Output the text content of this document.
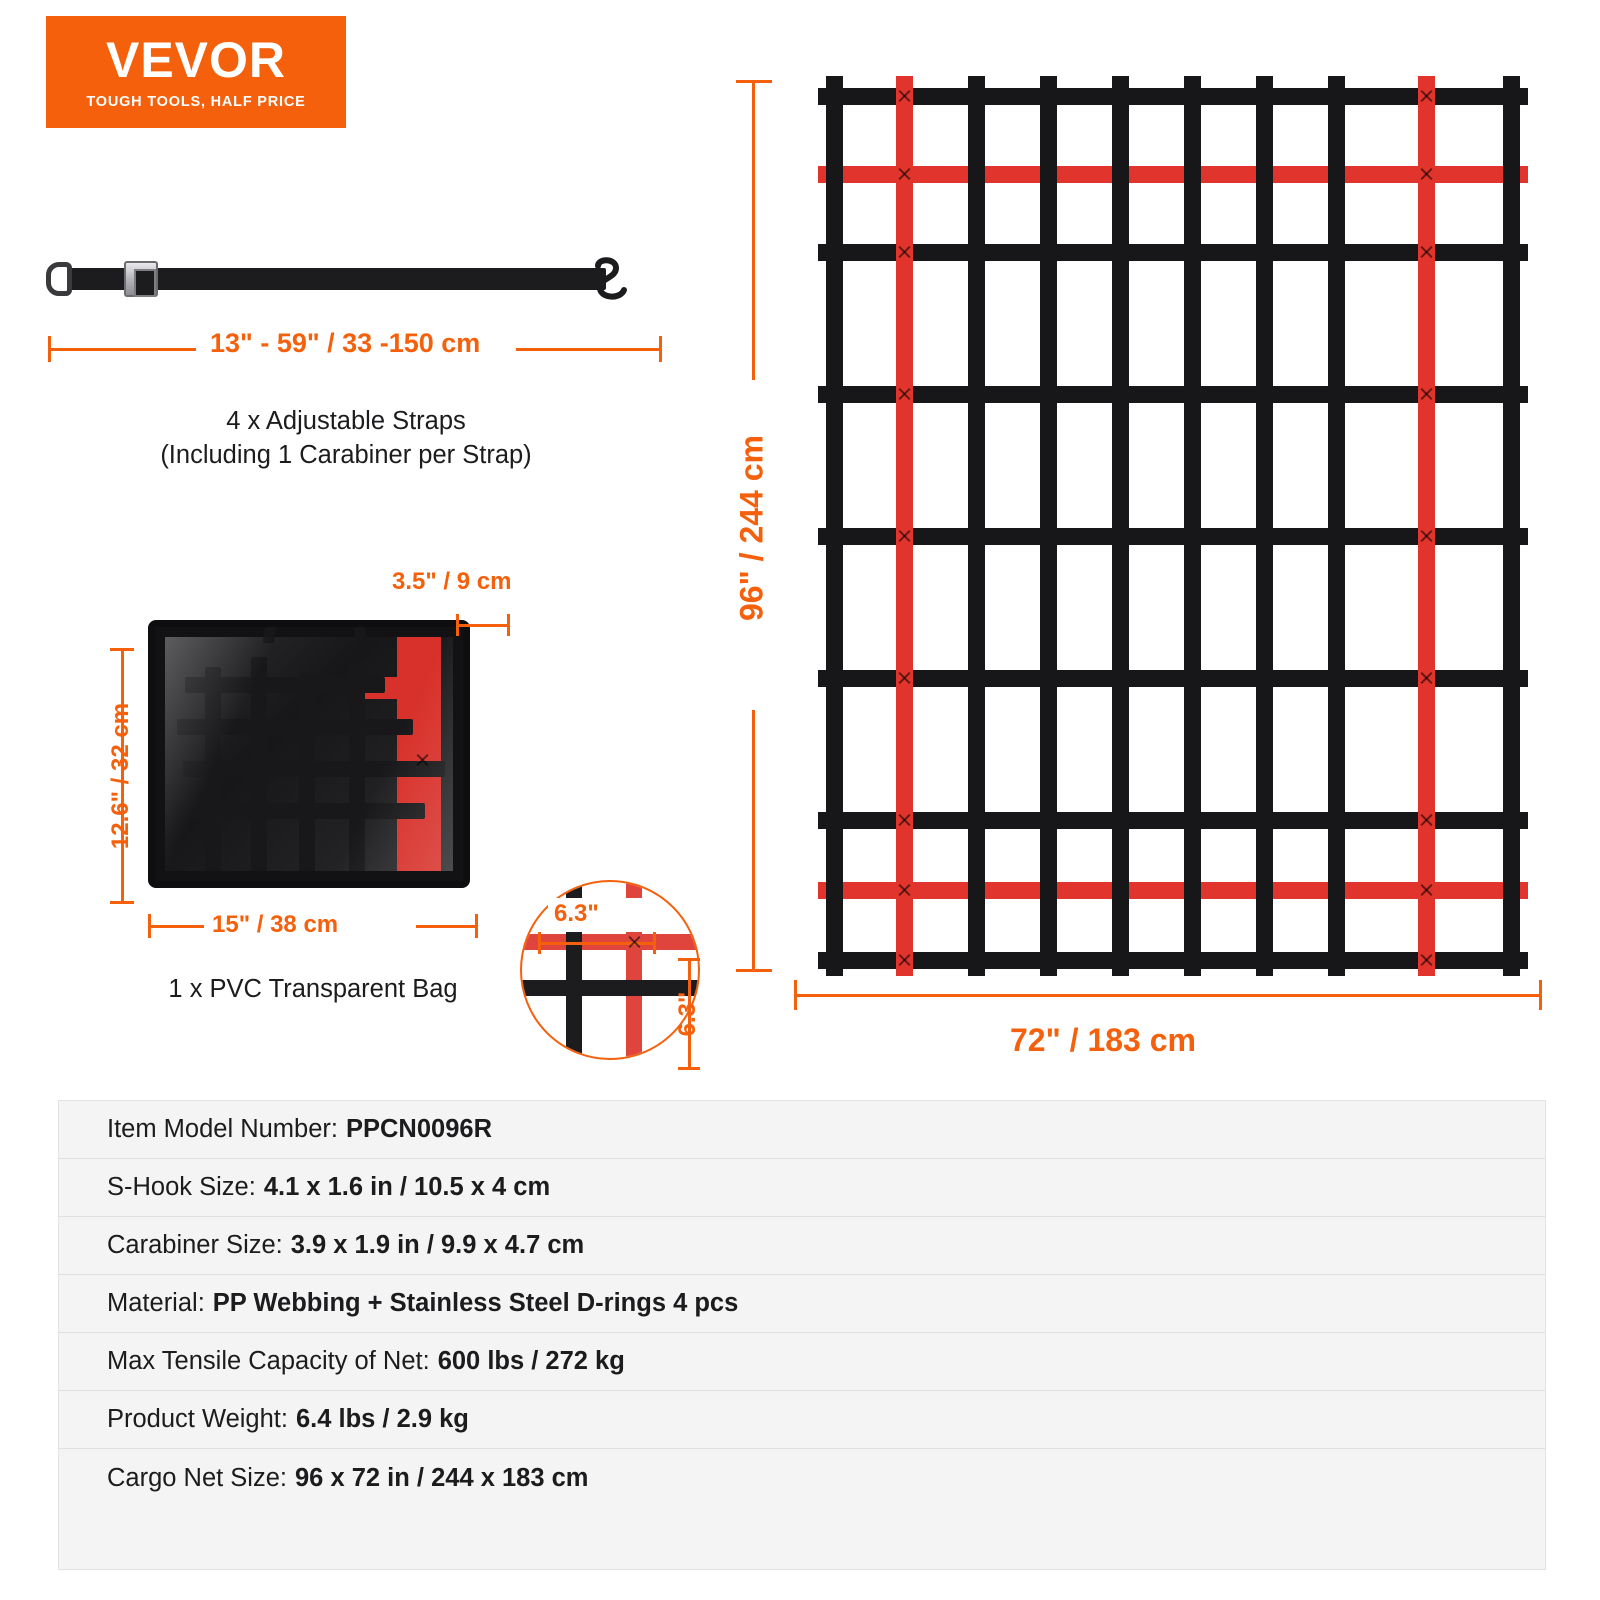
VEVOR
TOUGH TOOLS, HALF PRICE
13" - 59" / 33 -150 cm
4 x Adjustable Straps
(Including 1 Carabiner per Strap)
3.5" / 9 cm
12.6" / 32 cm
15" / 38 cm
1 x PVC Transparent Bag
6.3"
6.3"
96" / 244 cm
72" / 183 cm
Item Model Number: PPCN0096R
S-Hook Size: 4.1 x 1.6 in / 10.5 x 4 cm
Carabiner Size: 3.9 x 1.9 in / 9.9 x 4.7 cm
Material: PP Webbing + Stainless Steel D-rings 4 pcs
Max Tensile Capacity of Net: 600 lbs / 272 kg
Product Weight: 6.4 lbs / 2.9 kg
Cargo Net Size: 96 x 72 in / 244 x 183 cm
